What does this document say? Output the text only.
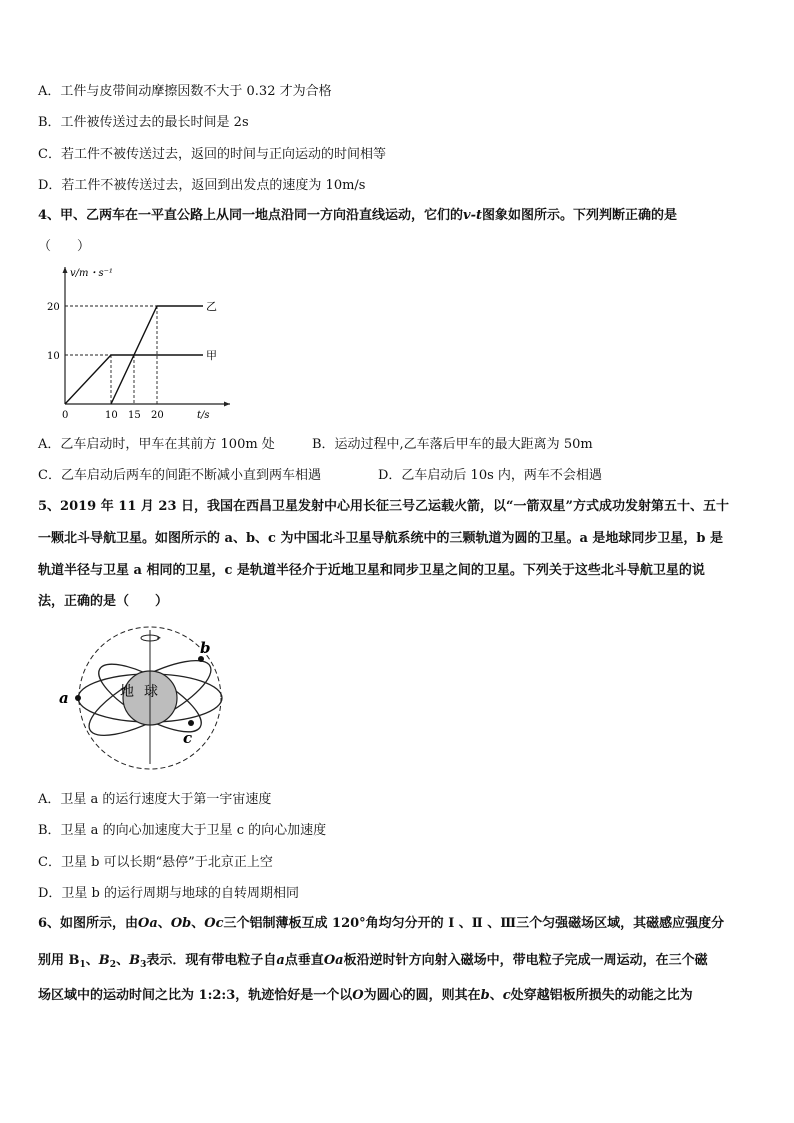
A．工件与皮带间动摩擦因数不大于 0.32 才为合格
B．工件被传送过去的最长时间是 2s
C．若工件不被传送过去，返回的时间与正向运动的时间相等
D．若工件不被传送过去，返回到出发点的速度为 10m/s
4、甲、乙两车在一平直公路上从同一地点沿同一方向沿直线运动，它们的v-t图象如图所示。下列判断正确的是
（　　）
v/m・s⁻¹
t/s
0	10 15 20
10
20
甲
乙
A．乙车启动时，甲车在其前方 100m 处	B．运动过程中,乙车落后甲车的最大距离为 50m
C．乙车启动后两车的间距不断减小直到两车相遇	D．乙车启动后 10s 内，两车不会相遇
5、2019 年 11 月 23 日，我国在西昌卫星发射中心用长征三号乙运载火箭，以“一箭双星”方式成功发射第五十、五十
一颗北斗导航卫星。如图所示的 a、b、c 为中国北斗卫星导航系统中的三颗轨道为圆的卫星。a 是地球同步卫星，b 是
轨道半径与卫星 a 相同的卫星，c 是轨道半径介于近地卫星和同步卫星之间的卫星。下列关于这些北斗导航卫星的说
法，正确的是（　　）
地 球
a
b
c
A．卫星 a 的运行速度大于第一宇宙速度
B．卫星 a 的向心加速度大于卫星 c 的向心加速度
C．卫星 b 可以长期“悬停”于北京正上空
D．卫星 b 的运行周期与地球的自转周期相同
6、如图所示，由Oa、Ob、Oc三个铝制薄板互成 120°角均匀分开的 Ⅰ 、Ⅱ 、Ⅲ三个匀强磁场区域，其磁感应强度分
别用 $B_1$、$B_2$、$B_3$表示．现有带电粒子自a点垂直Oa板沿逆时针方向射入磁场中，带电粒子完成一周运动，在三个磁
场区域中的运动时间之比为 1:2:3，轨迹恰好是一个以O为圆心的圆，则其在b、c处穿越铝板所损失的动能之比为
